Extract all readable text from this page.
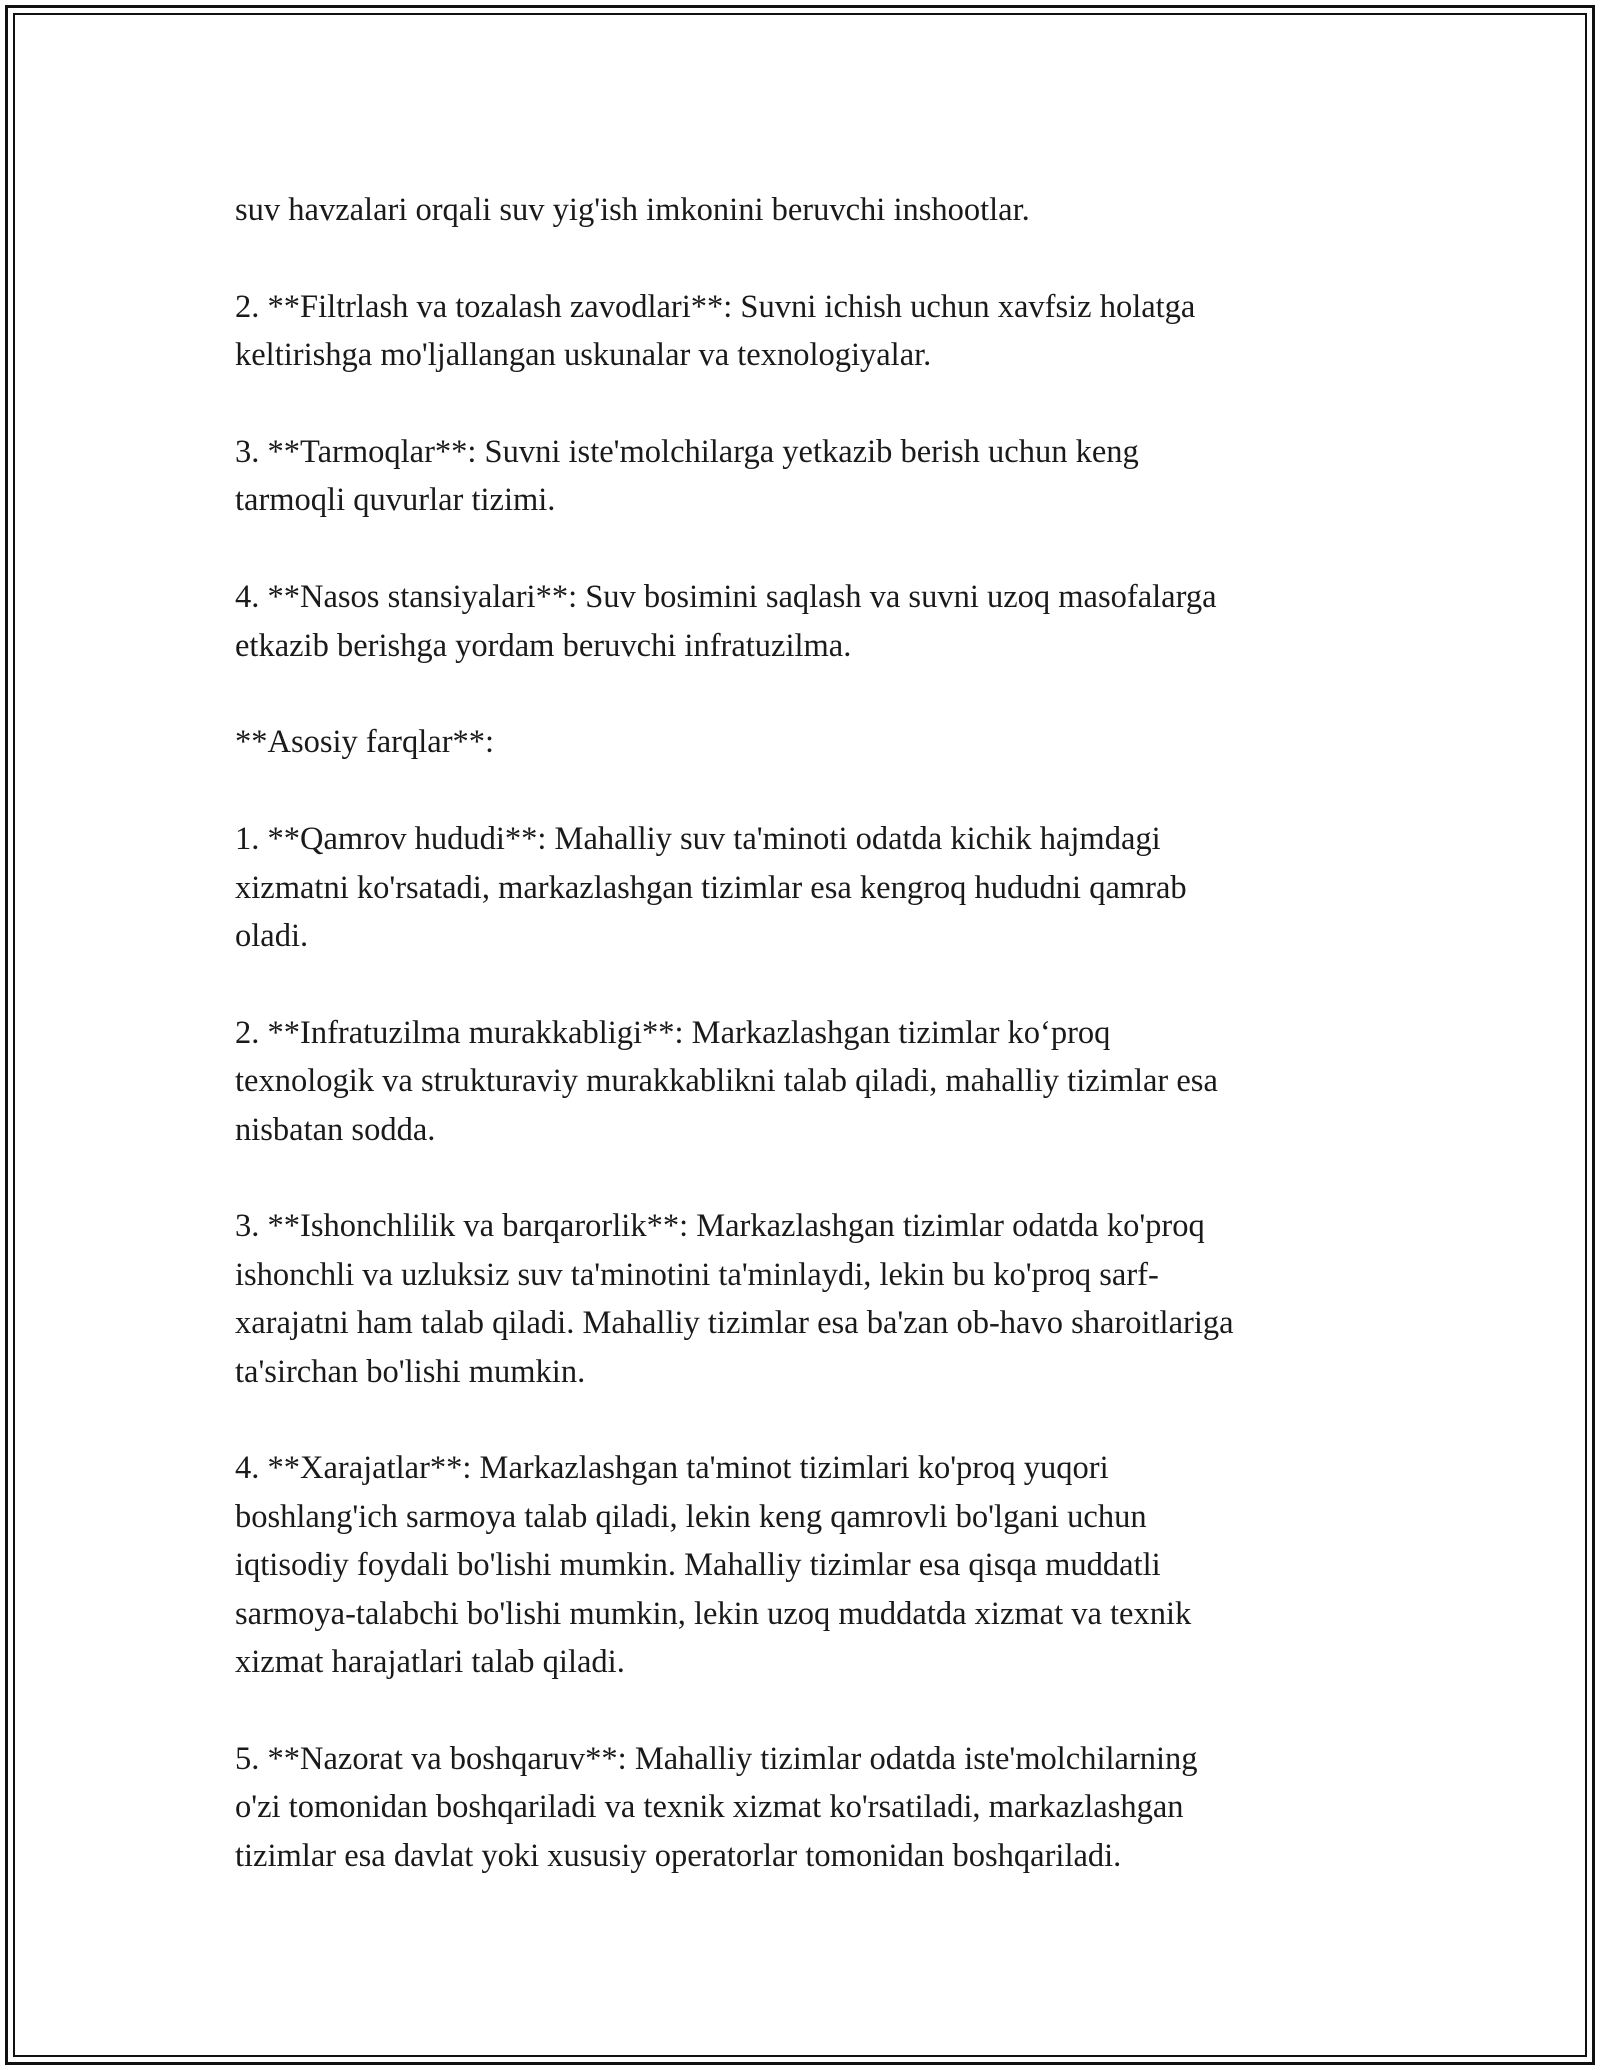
suv havzalari orqali suv yig'ish imkonini beruvchi inshootlar.

2. **Filtrlash va tozalash zavodlari**: Suvni ichish uchun xavfsiz holatga
keltirishga mo'ljallangan uskunalar va texnologiyalar.

3. **Tarmoqlar**: Suvni iste'molchilarga yetkazib berish uchun keng
tarmoqli quvurlar tizimi.

4. **Nasos stansiyalari**: Suv bosimini saqlash va suvni uzoq masofalarga
etkazib berishga yordam beruvchi infratuzilma.

**Asosiy farqlar**:

1. **Qamrov hududi**: Mahalliy suv ta'minoti odatda kichik hajmdagi
xizmatni ko'rsatadi, markazlashgan tizimlar esa kengroq hududni qamrab
oladi.

2. **Infratuzilma murakkabligi**: Markazlashgan tizimlar ko‘proq
texnologik va strukturaviy murakkablikni talab qiladi, mahalliy tizimlar esa
nisbatan sodda.

3. **Ishonchlilik va barqarorlik**: Markazlashgan tizimlar odatda ko'proq
ishonchli va uzluksiz suv ta'minotini ta'minlaydi, lekin bu ko'proq sarf-
xarajatni ham talab qiladi. Mahalliy tizimlar esa ba'zan ob-havo sharoitlariga
ta'sirchan bo'lishi mumkin.

4. **Xarajatlar**: Markazlashgan ta'minot tizimlari ko'proq yuqori
boshlang'ich sarmoya talab qiladi, lekin keng qamrovli bo'lgani uchun
iqtisodiy foydali bo'lishi mumkin. Mahalliy tizimlar esa qisqa muddatli
sarmoya-talabchi bo'lishi mumkin, lekin uzoq muddatda xizmat va texnik
xizmat harajatlari talab qiladi.

5. **Nazorat va boshqaruv**: Mahalliy tizimlar odatda iste'molchilarning
o'zi tomonidan boshqariladi va texnik xizmat ko'rsatiladi, markazlashgan
tizimlar esa davlat yoki xususiy operatorlar tomonidan boshqariladi.
